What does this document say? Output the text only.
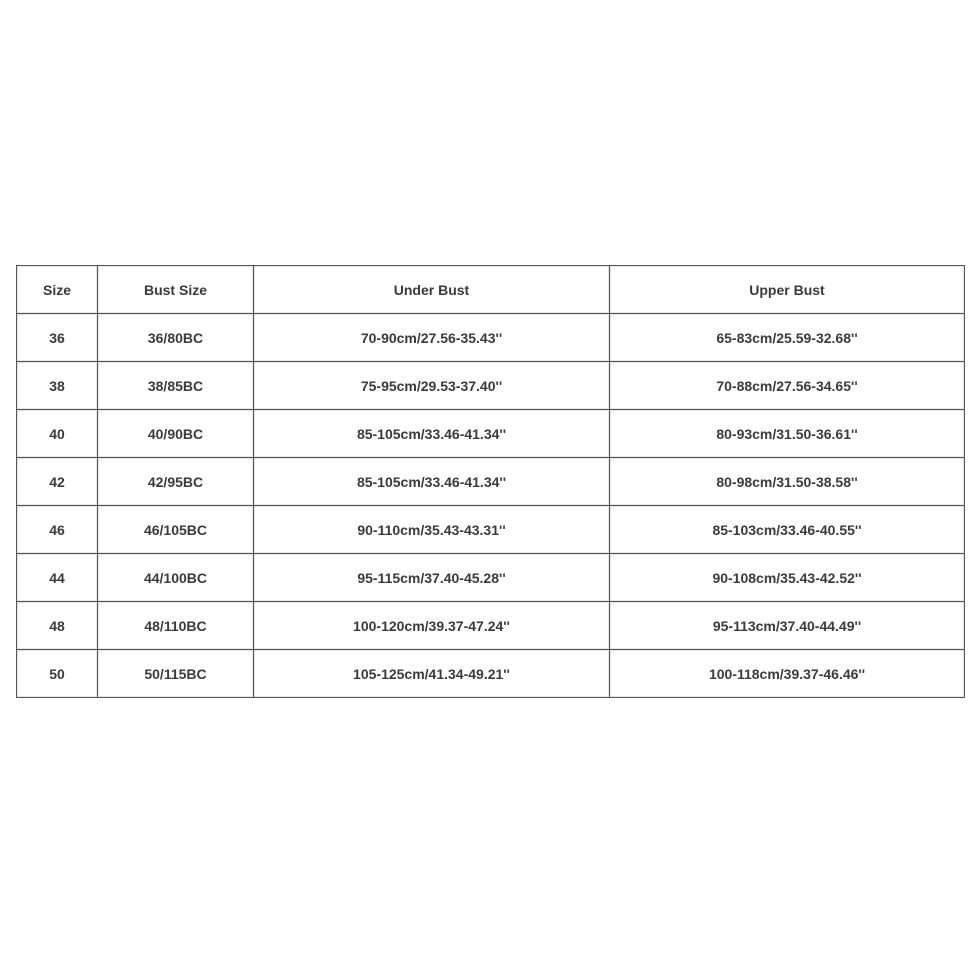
Size	Bust Size	Under Bust	Upper Bust
36	36/80BC	70-90cm/27.56-35.43''	65-83cm/25.59-32.68''
38	38/85BC	75-95cm/29.53-37.40''	70-88cm/27.56-34.65''
40	40/90BC	85-105cm/33.46-41.34''	80-93cm/31.50-36.61''
42	42/95BC	85-105cm/33.46-41.34''	80-98cm/31.50-38.58''
46	46/105BC	90-110cm/35.43-43.31''	85-103cm/33.46-40.55''
44	44/100BC	95-115cm/37.40-45.28''	90-108cm/35.43-42.52''
48	48/110BC	100-120cm/39.37-47.24''	95-113cm/37.40-44.49''
50	50/115BC	105-125cm/41.34-49.21''	100-118cm/39.37-46.46''
